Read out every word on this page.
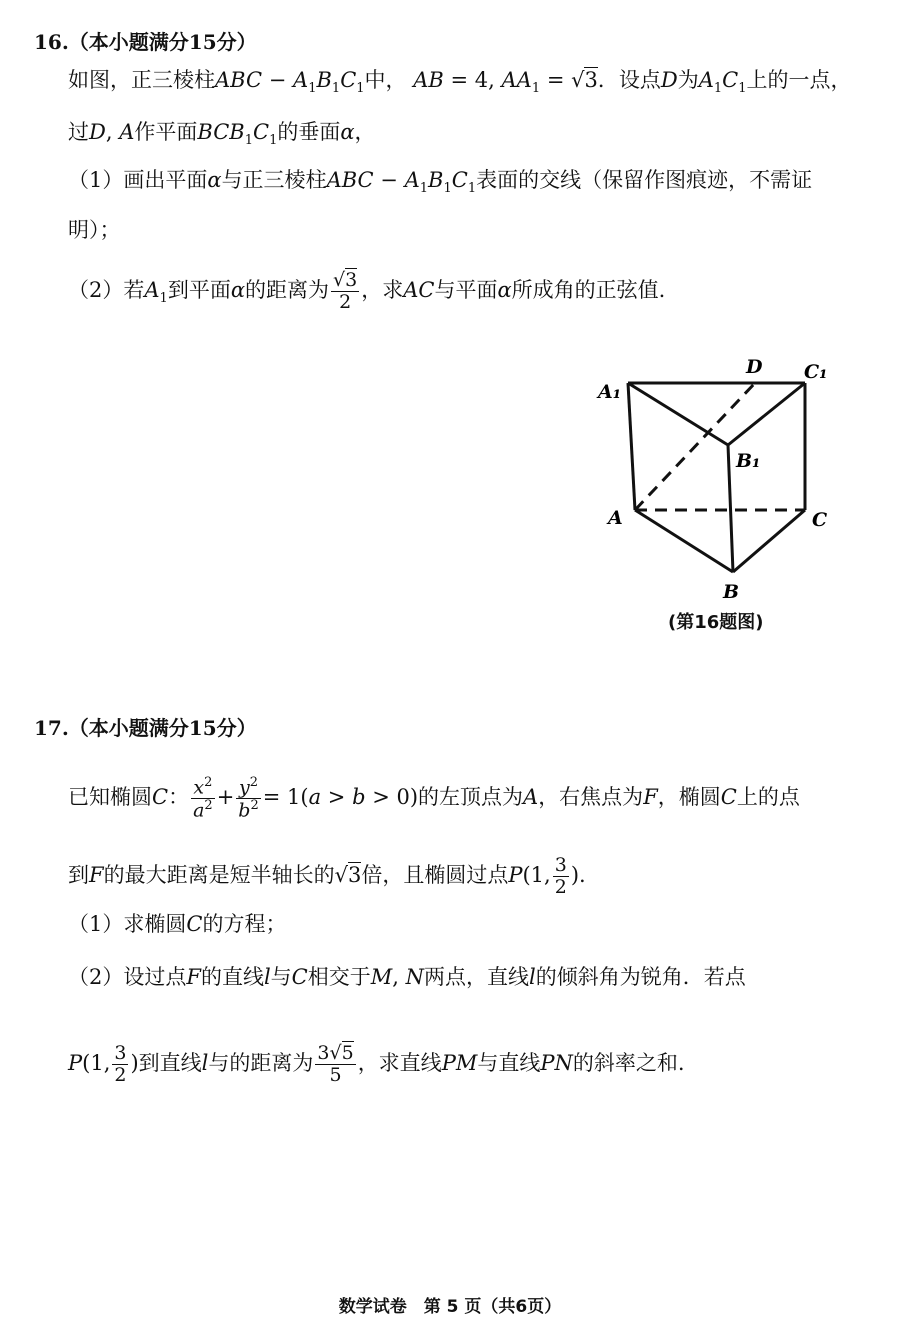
16.（本小题满分15分）
如图，正三棱柱ABC − $A_1B_1C_1$中， AB = 4, $AA_1 = √3$．设点D为$A_1C_1$上的一点，
过D, A作平面$BCB_1C_1$的垂面α，
（1）画出平面α与正三棱柱ABC − $A_1B_1C_1$表面的交线（保留作图痕迹，不需证
明）；
（2）若$A_1$到平面α的距离为 $\frac{√3}{2}$ ，求AC与平面α所成角的正弦值.
A₁
D C₁
B₁
A	C
B
(第16题图)
17.（本小题满分15分）
已知椭圆C： $\frac{x^2}{a^2} + \frac{y^2}{b^2} = 1(a > b > 0)$的左顶点为A，右焦点为F，椭圆C上的点
到F的最大距离是短半轴长的√3倍，且椭圆过点P(1, $\frac{3}{2}$ ).
（1）求椭圆C的方程；
（2）设过点F的直线l与C相交于M, N两点，直线l的倾斜角为锐角．若点
P(1, $\frac{3}{2}$ )到直线l与的距离为 $\frac{3√5}{5}$ ，求直线PM与直线PN的斜率之和.
数学试卷　第 5 页（共6页）
